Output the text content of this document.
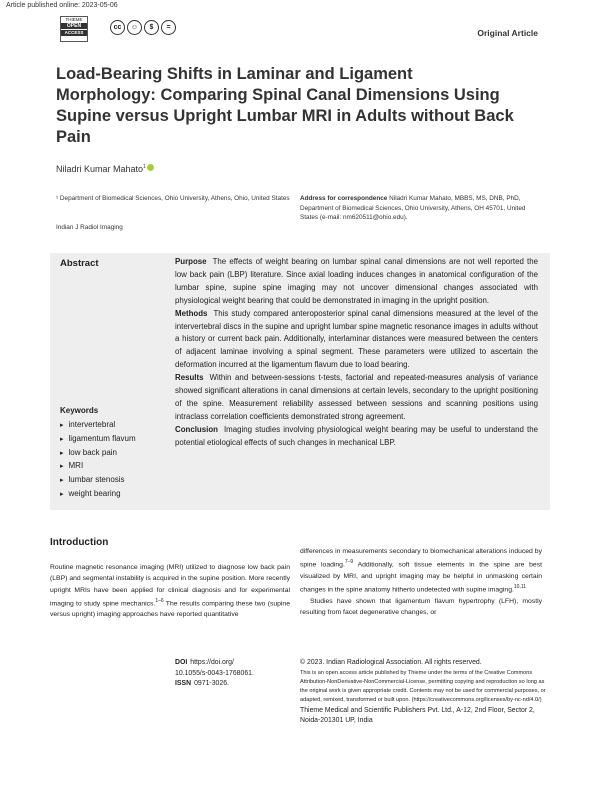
Article published online: 2023-05-06
THIEME
OPEN
ACCESS
cc	☺	$	=
Original Article
Load-Bearing Shifts in Laminar and Ligament Morphology: Comparing Spinal Canal Dimensions Using Supine versus Upright Lumbar MRI in Adults without Back Pain
Niladri Kumar Mahato$^1$
¹ Department of Biomedical Sciences, Ohio University, Athens, Ohio, United States
Indian J Radiol Imaging
Address for correspondence Niladri Kumar Mahato, MBBS, MS, DNB, PhD, Department of Biomedical Sciences, Ohio University, Athens, OH 45701, United States (e-mail: nm620511@ohio.edu).
Abstract
Keywords
▸ intervertebral
▸ ligamentum flavum
▸ low back pain
▸ MRI
▸ lumbar stenosis
▸ weight bearing

Purpose The effects of weight bearing on lumbar spinal canal dimensions are not well reported the low back pain (LBP) literature. Since axial loading induces changes in anatomical configuration of the lumbar spine, supine spine imaging may not uncover dimensional changes associated with physiological weight bearing that could be demonstrated in imaging in the upright position.

Methods This study compared anteroposterior spinal canal dimensions measured at the level of the intervertebral discs in the supine and upright lumbar spine magnetic resonance images in adults without a history or current back pain. Additionally, interlaminar distances were measured between the centers of adjacent laminae involving a spinal segment. These parameters were utilized to ascertain the deformation incurred at the ligamentum flavum due to load bearing.

Results Within and between-sessions t-tests, factorial and repeated-measures analysis of variance showed significant alterations in canal dimensions at certain levels, secondary to the upright positioning of the spine. Measurement reliability assessed between sessions and scanning positions using intraclass correlation coefficients demonstrated strong agreement.

Conclusion Imaging studies involving physiological weight bearing may be useful to understand the potential etiological effects of such changes in mechanical LBP.

Introduction

Routine magnetic resonance imaging (MRI) utilized to diagnose low back pain (LBP) and segmental instability is acquired in the supine position. More recently upright MRIs have been applied for clinical diagnosis and for experimental imaging to study spine mechanics.$^{1-6}$ The results comparing these two (supine versus upright) imaging approaches have reported quantitative

differences in measurements secondary to biomechanical alterations induced by spine loading.$^{7-9}$ Additionally, soft tissue elements in the spine are best visualized by MRI, and upright imaging may be helpful in unmasking certain changes in the spine anatomy hitherto undetected with supine imaging.$^{10,11}$

Studies have shown that ligamentum flavum hypertrophy (LFH), mostly resulting from facet degenerative changes, or

DOI https://doi.org/
10.1055/s-0043-1768061.
ISSN 0971-3026.
© 2023. Indian Radiological Association. All rights reserved.
This is an open access article published by Thieme under the terms of the Creative Commons Attribution-NonDerivative-NonCommercial-License, permitting copying and reproduction so long as the original work is given appropriate credit. Contents may not be used for commercial purposes, or adapted, remixed, transformed or built upon. (https://creativecommons.org/licenses/by-nc-nd/4.0/)
Thieme Medical and Scientific Publishers Pvt. Ltd., A-12, 2nd Floor, Sector 2, Noida-201301 UP, India
